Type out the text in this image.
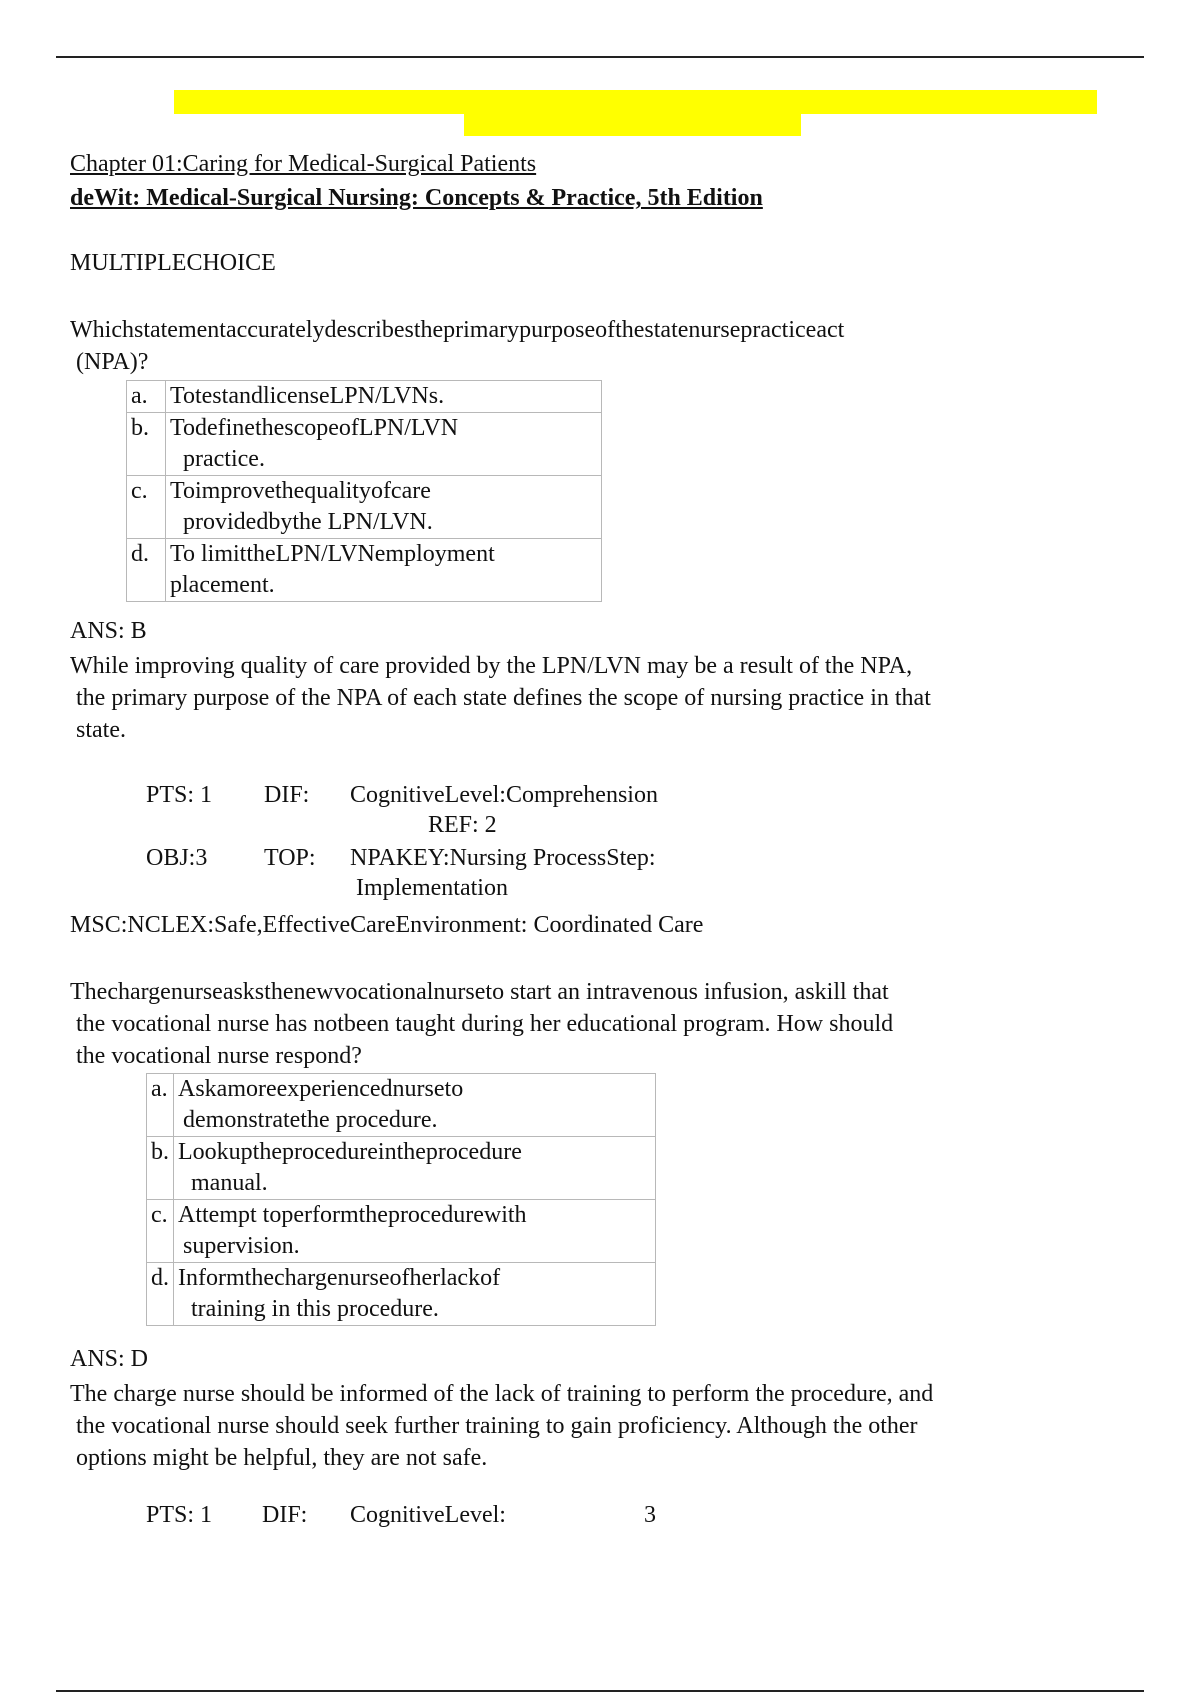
Chapter 01:Caring for Medical-Surgical Patients
deWit: Medical-Surgical Nursing: Concepts & Practice, 5th Edition
MULTIPLECHOICE
Whichstatementaccuratelydescribestheprimarypurposeofthestatenursepracticeact
(NPA)?
a.	TotestandlicenseLPN/LVNs.

b.	TodefinethescopeofLPN/LVN
practice.

c.	Toimprovethequalityofcare
providedbythe LPN/LVN.

d.	To limittheLPN/LVNemployment
placement.
ANS: B
While improving quality of care provided by the LPN/LVN may be a result of the NPA,
the primary purpose of the NPA of each state defines the scope of nursing practice in that
state.
PTS: 1 DIF: CognitiveLevel:Comprehension
REF: 2
OBJ:3 TOP: NPAKEY:Nursing ProcessStep:
Implementation
MSC:NCLEX:Safe,EffectiveCareEnvironment: Coordinated Care
Thechargenurseasksthenewvocationalnurseto start an intravenous infusion, askill that
the vocational nurse has notbeen taught during her educational program. How should
the vocational nurse respond?
a.	Askamoreexperiencednurseto
demonstratethe procedure.

b.	Lookuptheprocedureintheprocedure
manual.

c.	Attempt toperformtheprocedurewith
supervision.

d.	Informthechargenurseofherlackof
training in this procedure.
ANS: D
The charge nurse should be informed of the lack of training to perform the procedure, and
the vocational nurse should seek further training to gain proficiency. Although the other
options might be helpful, they are not safe.
PTS: 1 DIF: CognitiveLevel:	3
